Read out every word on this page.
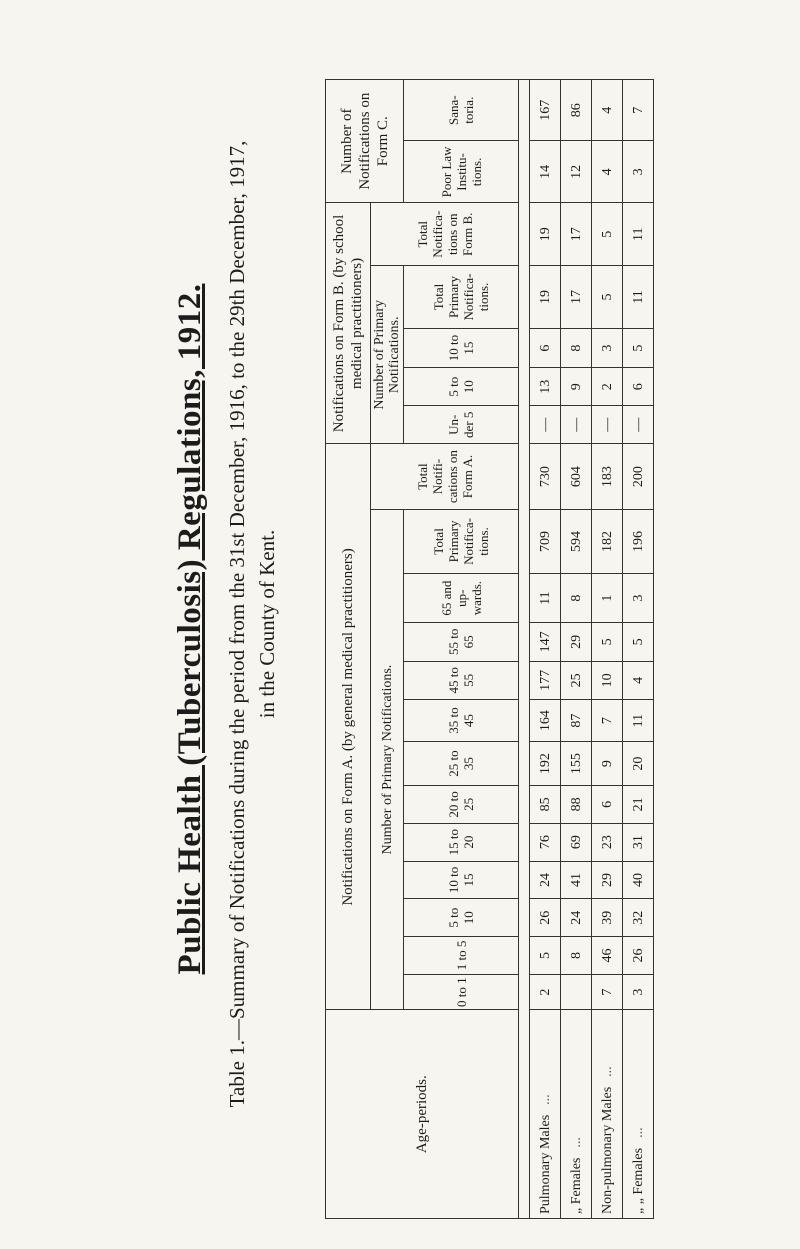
Public Health (Tuberculosis) Regulations, 1912. Table 1.—Summary of Notifications during the period from the 31st December, 1916, to the 29th December, 1917, in the County of Kent.
Age-periods.	Notifications on Form A. (by general medical practitioners)													Notifications on Form B. (by school medical practitioners)					Number of Notifications on Form C.	
	Number of Primary Notifications.												Total Notifi-cations on Form A.	Number of Primary Notifications.				Total Notifica-tions on Form B.		
	0 to 1	1 to 5	5 to 10	10 to 15	15 to 20	20 to 25	25 to 35	35 to 45	45 to 55	55 to 65	65 and up-wards.	Total Primary Notifica-tions.		Un-der 5	5 to 10	10 to 15	Total Primary Notifica-tions.		Poor Law Institu-tions.	Sana-toria.

Pulmonary Males...	2	5	26	24	76	85	192	164	177	147	11	709	730	—	13	6	19	19	14	167
„ Females...		8	24	41	69	88	155	87	25	29	8	594	604	—	9	8	17	17	12	86
Non-pulmonary Males...	7	46	39	29	23	6	9	7	10	5	1	182	183	—	2	3	5	5	4	4
„ „ Females...	3	26	32	40	31	21	20	11	4	5	3	196	200	—	6	5	11	11	3	7
